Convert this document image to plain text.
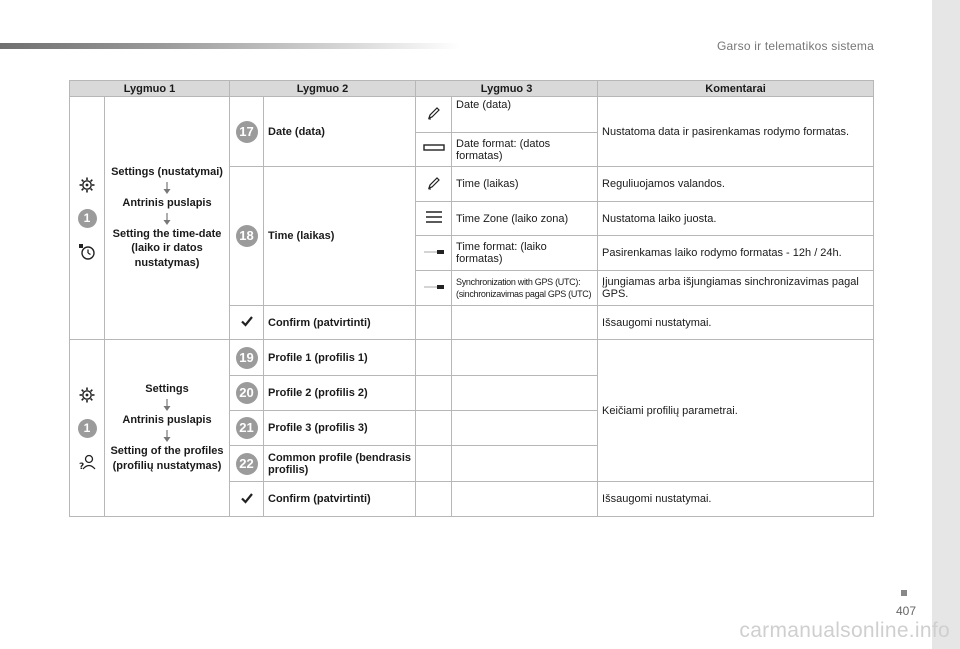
Garso ir telematikos sistema
Lygmuo 1		Lygmuo 2		Lygmuo 3		Komentarai

1	Settings (nustatymai)
Antrinis puslapis
Setting the time-date (laiko ir datos nustatymas)	17	Date (data)		Date (data)	Nustatoma data ir pasirenkamas rodymo formatas.
	Date format: (datos formatas)	
		18	Time (laikas)		Time (laikas)	Reguliuojamos valandos.
	Time Zone (laiko zona)	Nustatoma laiko juosta.
	Time format: (laiko formatas)	Pasirenkamas laiko rodymo formatas - 12h / 24h.
	Synchronization with GPS (UTC): (sinchronizavimas pagal GPS (UTC)	Įjungiamas arba išjungiamas sinchronizavimas pagal GPS.
	Confirm (patvirtinti)			Išsaugomi nustatymai.

1
?	Settings
Antrinis puslapis
Setting of the profiles (profilių nustatymas)	19	Profile 1 (profilis 1)			Keičiami profilių parametrai.
		20	Profile 2 (profilis 2)			
		21	Profile 3 (profilis 3)			
		22	Common profile (bendrasis profilis)			
	Confirm (patvirtinti)			Išsaugomi nustatymai.
407
carmanualsonline.info
